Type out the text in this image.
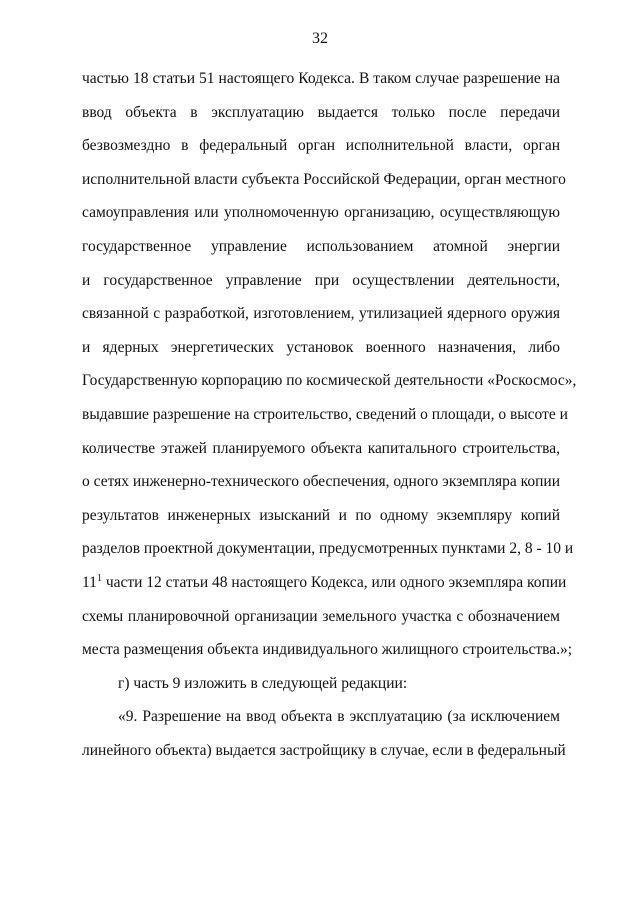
32
частью 18 статьи 51 настоящего Кодекса. В таком случае разрешение на
ввод объекта в эксплуатацию выдается только после передачи
безвозмездно в федеральный орган исполнительной власти, орган
исполнительной власти субъекта Российской Федерации, орган местного
самоуправления или уполномоченную организацию, осуществляющую
государственное управление использованием атомной энергии
и государственное управление при осуществлении деятельности,
связанной с разработкой, изготовлением, утилизацией ядерного оружия
и ядерных энергетических установок военного назначения, либо
Государственную корпорацию по космической деятельности «Роскосмос»,
выдавшие разрешение на строительство, сведений о площади, о высоте и
количестве этажей планируемого объекта капитального строительства,
о сетях инженерно-технического обеспечения, одного экземпляра копии
результатов инженерных изысканий и по одному экземпляру копий
разделов проектной документации, предусмотренных пунктами 2, 8 - 10 и
$11^1$ части 12 статьи 48 настоящего Кодекса, или одного экземпляра копии
схемы планировочной организации земельного участка с обозначением
места размещения объекта индивидуального жилищного строительства.»;
г) часть 9 изложить в следующей редакции:
«9. Разрешение на ввод объекта в эксплуатацию (за исключением
линейного объекта) выдается застройщику в случае, если в федеральный
